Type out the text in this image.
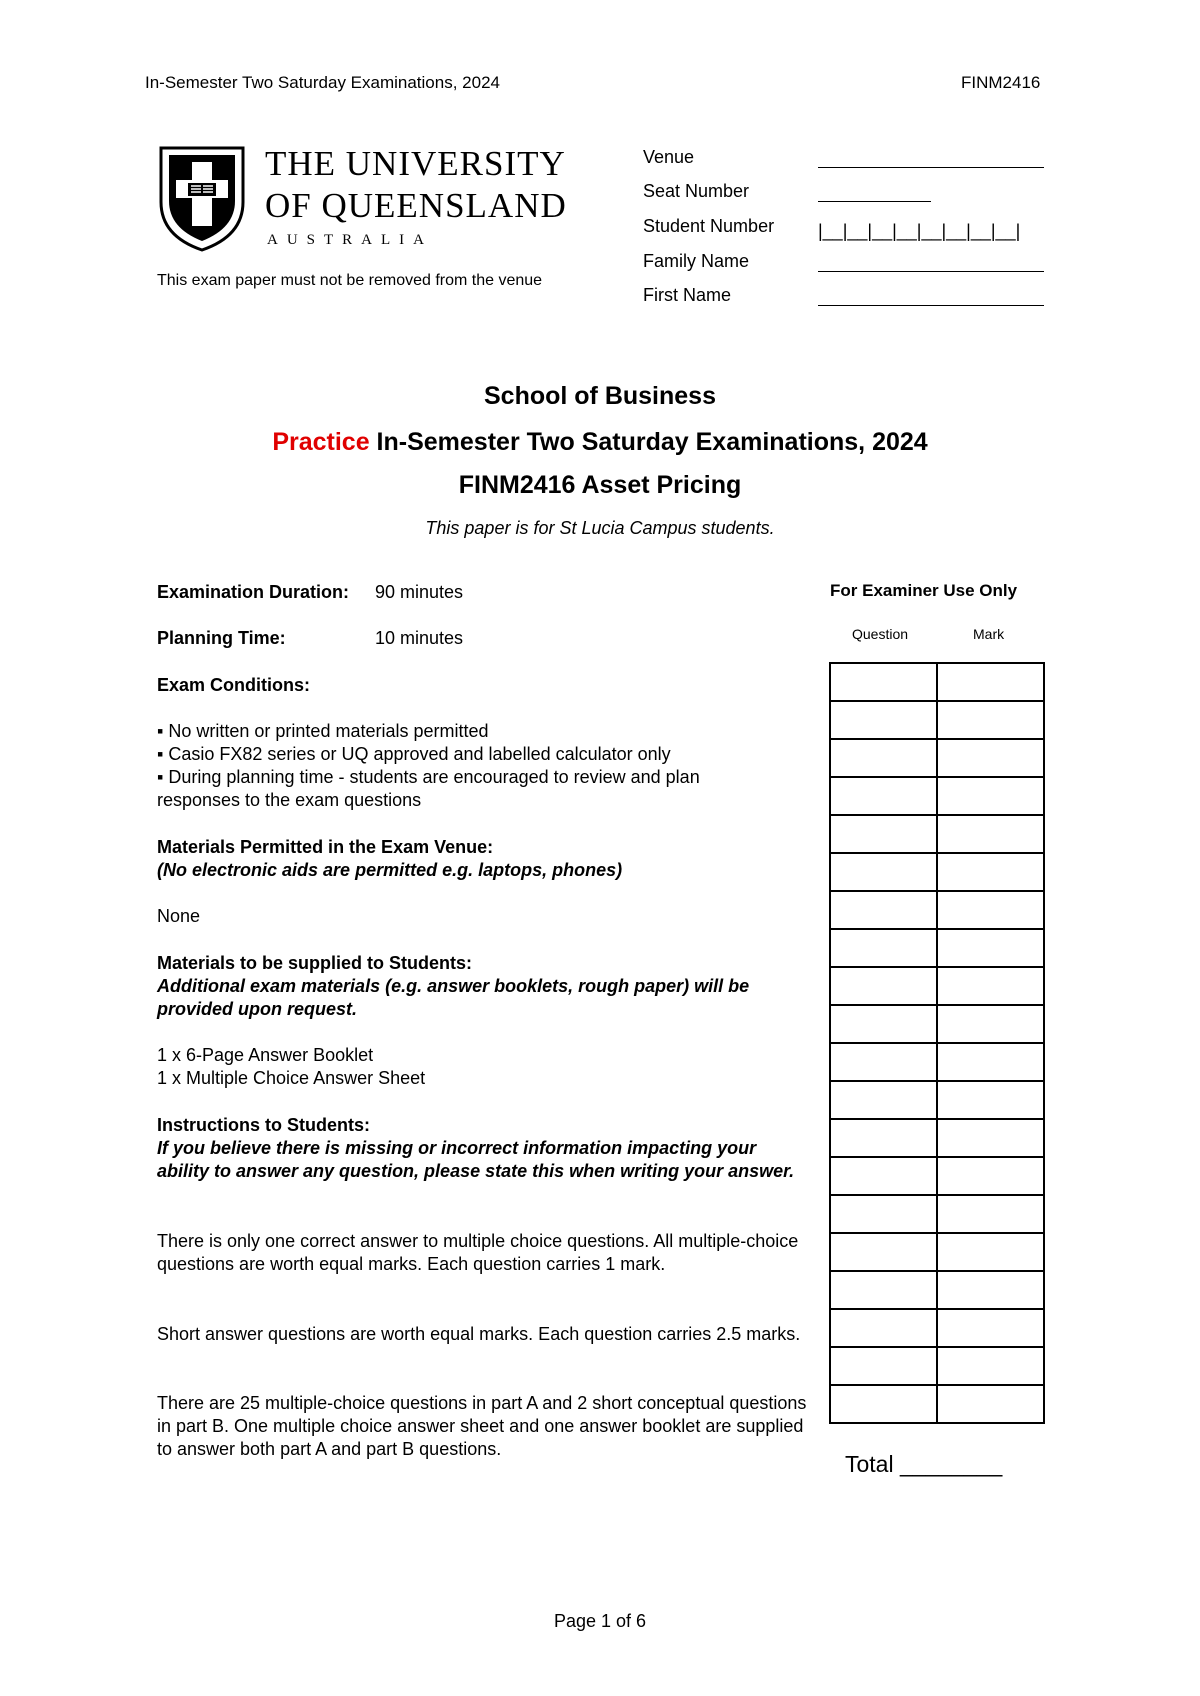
In-Semester Two Saturday Examinations, 2024	FINM2416
THE UNIVERSITY
OF QUEENSLAND
AUSTRALIA
This exam paper must not be removed from the venue
Venue
Seat Number
Student Number |__|__|__|__|__|__|__|__|
Family Name
First Name
School of Business
Practice In-Semester Two Saturday Examinations, 2024
FINM2416 Asset Pricing
This paper is for St Lucia Campus students.
Examination Duration: 90 minutes
Planning Time:	10 minutes
Exam Conditions:
▪ No written or printed materials permitted
▪ Casio FX82 series or UQ approved and labelled calculator only
▪ During planning time - students are encouraged to review and plan responses to the exam questions
Materials Permitted in the Exam Venue:
(No electronic aids are permitted e.g. laptops, phones)
None
Materials to be supplied to Students:
Additional exam materials (e.g. answer booklets, rough paper) will be provided upon request.
1 x 6-Page Answer Booklet
1 x Multiple Choice Answer Sheet
Instructions to Students:
If you believe there is missing or incorrect information impacting your ability to answer any question, please state this when writing your answer.
There is only one correct answer to multiple choice questions. All multiple-choice questions are worth equal marks. Each question carries 1 mark.
Short answer questions are worth equal marks. Each question carries 2.5 marks.
There are 25 multiple-choice questions in part A and 2 short conceptual questions in part B. One multiple choice answer sheet and one answer booklet are supplied to answer both part A and part B questions.
For Examiner Use Only
Question	Mark

Total ________
Page 1 of 6
